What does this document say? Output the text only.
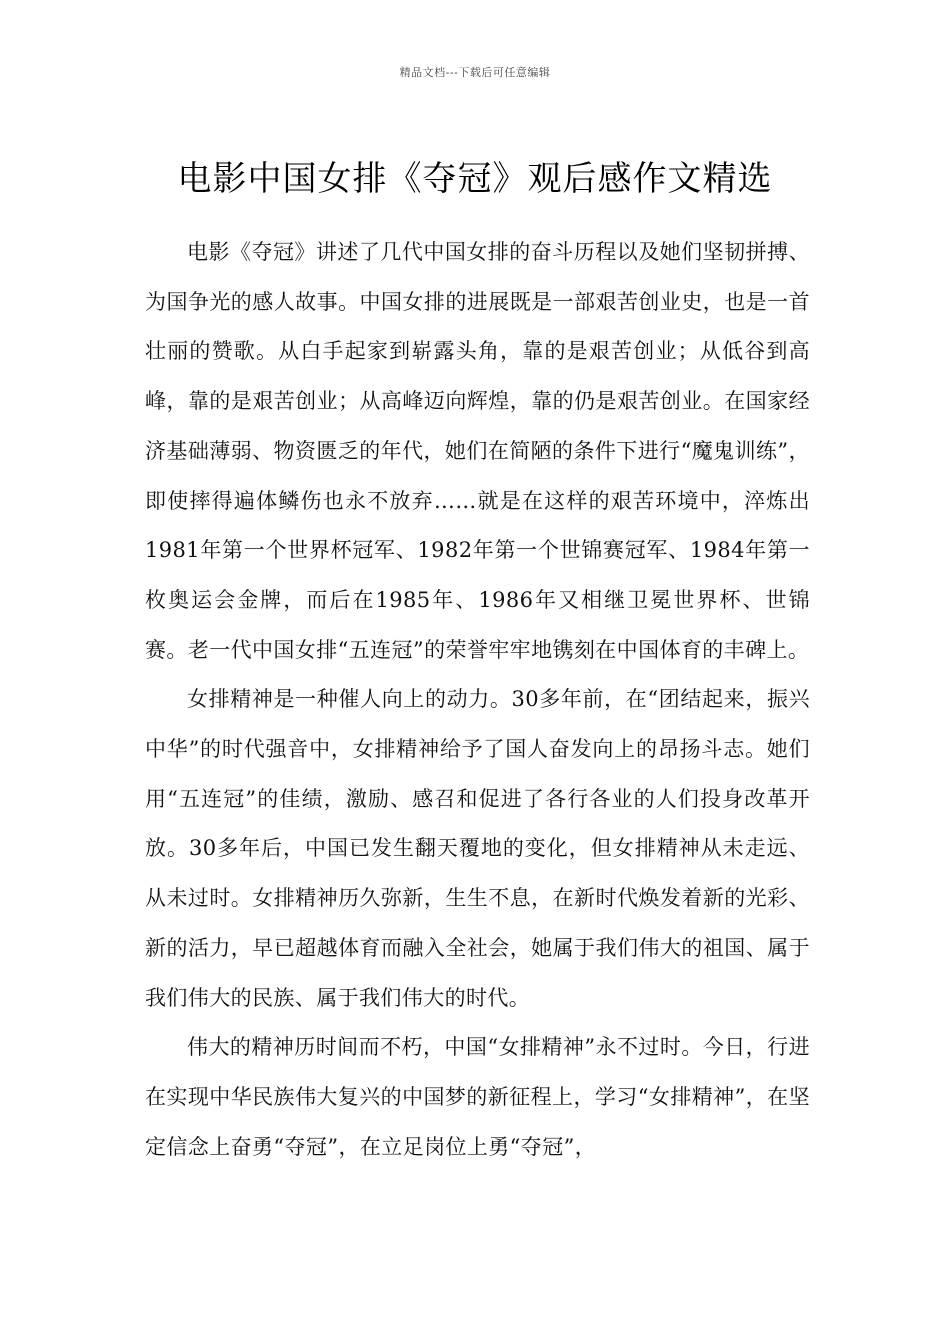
精品文档---下载后可任意编辑
电影中国女排《夺冠》观后感作文精选

电影《夺冠》讲述了几代中国女排的奋斗历程以及她们坚韧拼搏、为国争光的感人故事。中国女排的进展既是一部艰苦创业史，也是一首壮丽的赞歌。从白手起家到崭露头角，靠的是艰苦创业；从低谷到高峰，靠的是艰苦创业；从高峰迈向辉煌，靠的仍是艰苦创业。在国家经济基础薄弱、物资匮乏的年代，她们在简陋的条件下进行“魔鬼训练”，即使摔得遍体鳞伤也永不放弃……就是在这样的艰苦环境中，淬炼出1981年第一个世界杯冠军、1982年第一个世锦赛冠军、1984年第一枚奥运会金牌，而后在1985年、1986年又相继卫冕世界杯、世锦赛。老一代中国女排“五连冠”的荣誉牢牢地镌刻在中国体育的丰碑上。

女排精神是一种催人向上的动力。30多年前，在“团结起来，振兴中华”的时代强音中，女排精神给予了国人奋发向上的昂扬斗志。她们用“五连冠”的佳绩，激励、感召和促进了各行各业的人们投身改革开放。30多年后，中国已发生翻天覆地的变化，但女排精神从未走远、从未过时。女排精神历久弥新，生生不息，在新时代焕发着新的光彩、新的活力，早已超越体育而融入全社会，她属于我们伟大的祖国、属于我们伟大的民族、属于我们伟大的时代。

伟大的精神历时间而不朽，中国“女排精神”永不过时。今日，行进在实现中华民族伟大复兴的中国梦的新征程上，学习“女排精神”，在坚定信念上奋勇“夺冠”，在立足岗位上勇“夺冠”，
